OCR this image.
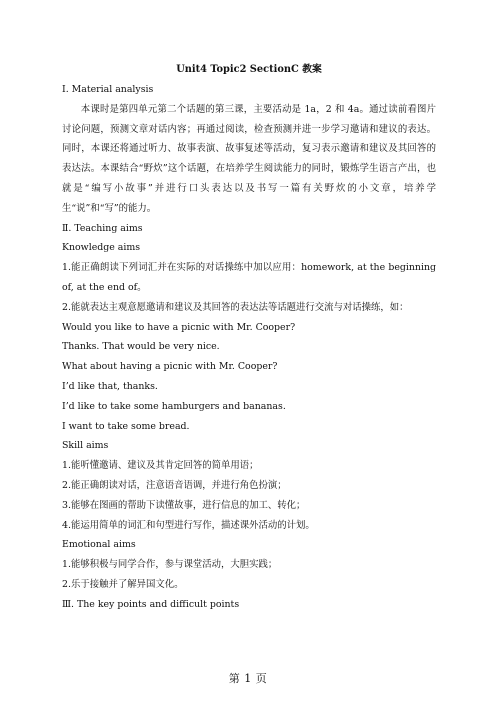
Unit4 Topic2 SectionC 教案

I. Material analysis

本课时是第四单元第二个话题的第三课，主要活动是 1a，2 和 4a。通过读前看图片讨论问题，预测文章对话内容；再通过阅读，检查预测并进一步学习邀请和建议的表达。同时，本课还将通过听力、故事表演、故事复述等活动，复习表示邀请和建议及其回答的表达法。本课结合“野炊”这个话题，在培养学生阅读能力的同时，锻炼学生语言产出，也就是“编写小故事”并进行口头表达以及书写一篇有关野炊的小文章，培养学生“说”和“写”的能力。

Ⅱ. Teaching aims

Knowledge aims

1.能正确朗读下列词汇并在实际的对话操练中加以应用：homework, at the beginning of, at the end of。

2.能就表达主观意愿邀请和建议及其回答的表达法等话题进行交流与对话操练，如：

Would you like to have a picnic with Mr. Cooper?

Thanks. That would be very nice.

What about having a picnic with Mr. Cooper?

I’d like that, thanks.

I’d like to take some hamburgers and bananas.

I want to take some bread.

Skill aims

1.能听懂邀请、建议及其肯定回答的简单用语；

2.能正确朗读对话，注意语音语调，并进行角色扮演；

3.能够在图画的帮助下读懂故事，进行信息的加工、转化；

4.能运用简单的词汇和句型进行写作，描述课外活动的计划。

Emotional aims

1.能够积极与同学合作，参与课堂活动，大胆实践；

2.乐于接触并了解异国文化。

Ⅲ. The key points and difficult points

第 1 页
